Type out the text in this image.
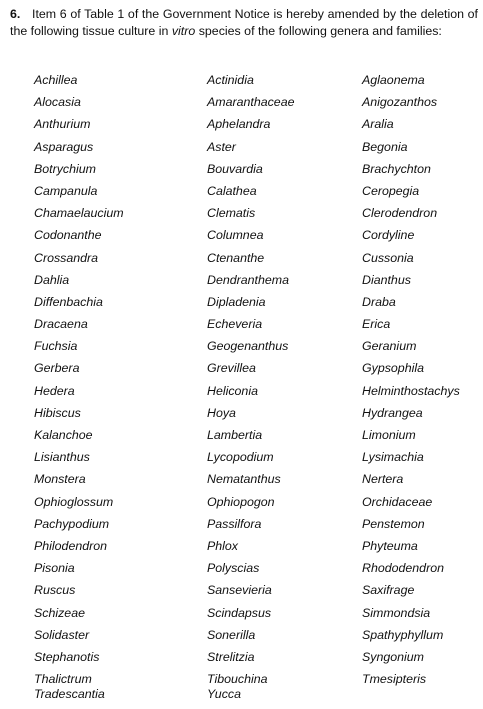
6. Item 6 of Table 1 of the Government Notice is hereby amended by the deletion of the following tissue culture in vitro species of the following genera and families:
Achillea
Alocasia
Anthurium
Asparagus
Botrychium
Campanula
Chamaelaucium
Codonanthe
Crossandra
Dahlia
Diffenbachia
Dracaena
Fuchsia
Gerbera
Hedera
Hibiscus
Kalanchoe
Lisianthus
Monstera
Ophioglossum
Pachypodium
Philodendron
Pisonia
Ruscus
Schizeae
Solidaster
Stephanotis
Thalictrum
Tradescantia
Actinidia
Amaranthaceae
Aphelandra
Aster
Bouvardia
Calathea
Clematis
Columnea
Ctenanthe
Dendranthema
Dipladenia
Echeveria
Geogenanthus
Grevillea
Heliconia
Hoya
Lambertia
Lycopodium
Nematanthus
Ophiopogon
Passilfora
Phlox
Polyscias
Sansevieria
Scindapsus
Sonerilla
Strelitzia
Tibouchina
Yucca
Aglaonema
Anigozanthos
Aralia
Begonia
Brachychton
Ceropegia
Clerodendron
Cordyline
Cussonia
Dianthus
Draba
Erica
Geranium
Gypsophila
Helminthostachys
Hydrangea
Limonium
Lysimachia
Nertera
Orchidaceae
Penstemon
Phyteuma
Rhododendron
Saxifrage
Simmondsia
Spathyphyllum
Syngonium
Tmesipteris
